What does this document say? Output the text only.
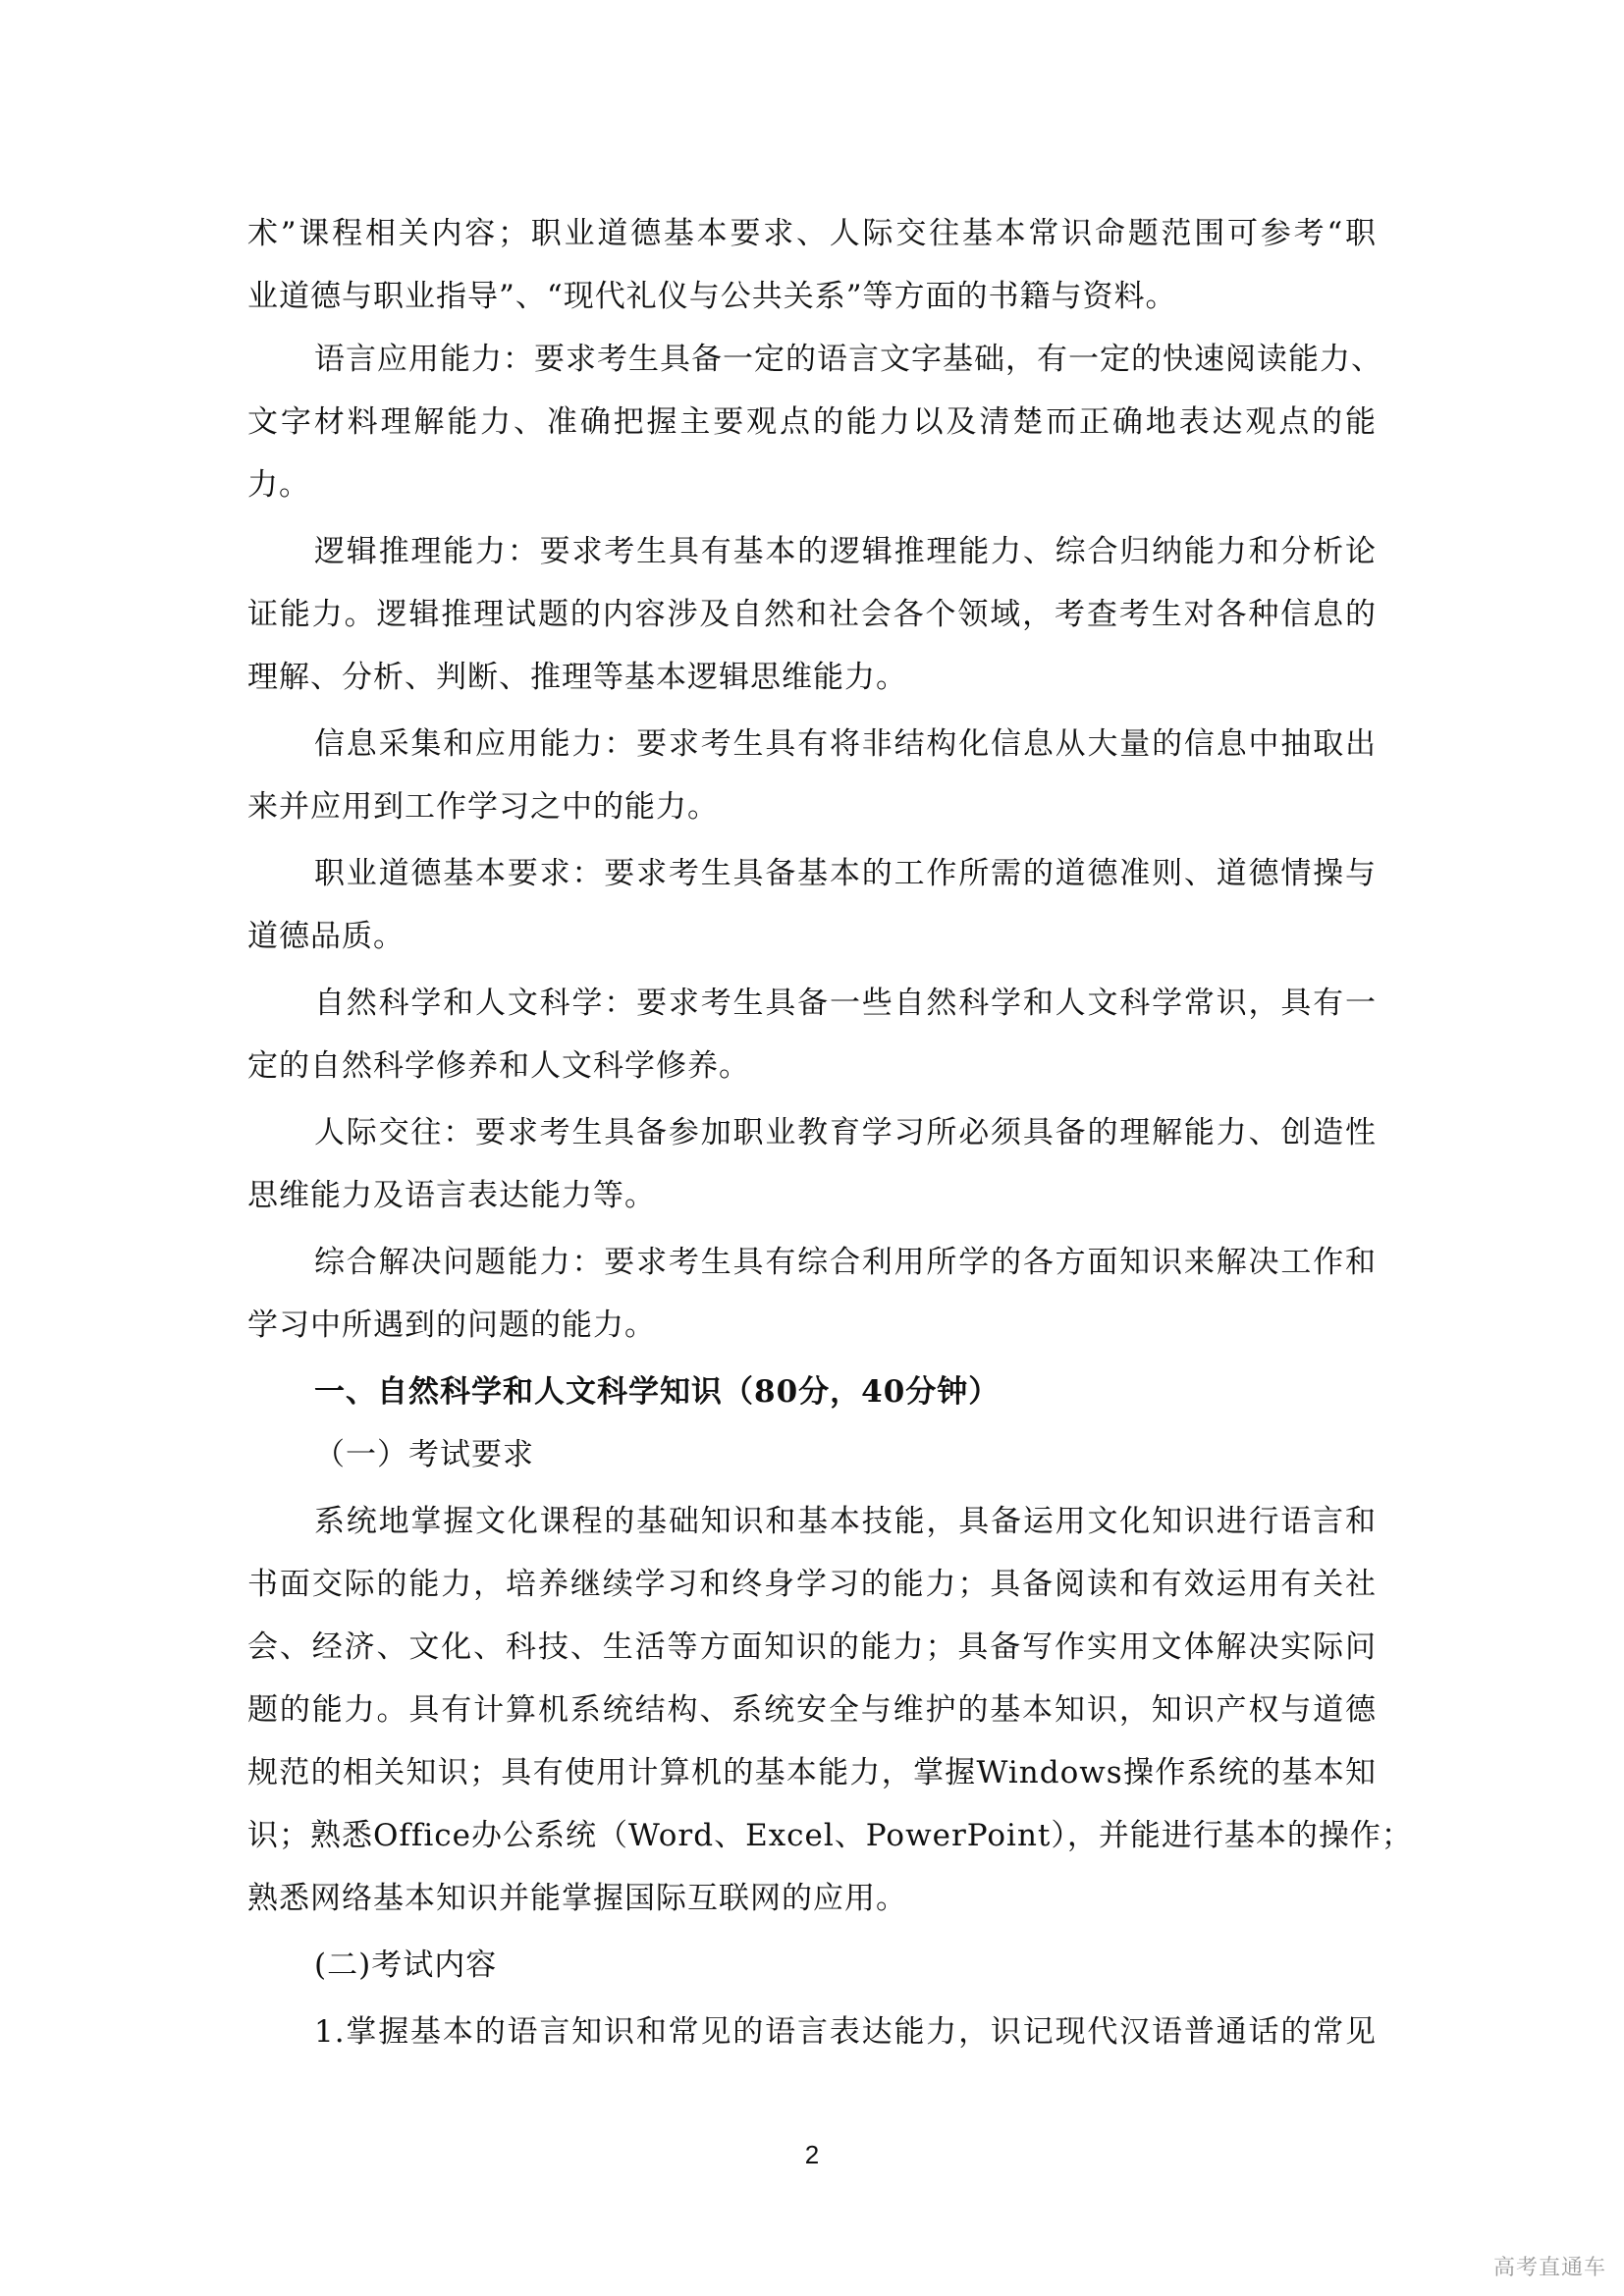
术”课程相关内容；职业道德基本要求、人际交往基本常识命题范围可参考“职
业道德与职业指导”、“现代礼仪与公共关系”等方面的书籍与资料。
语言应用能力：要求考生具备一定的语言文字基础，有一定的快速阅读能力、
文字材料理解能力、准确把握主要观点的能力以及清楚而正确地表达观点的能
力。
逻辑推理能力：要求考生具有基本的逻辑推理能力、综合归纳能力和分析论
证能力。逻辑推理试题的内容涉及自然和社会各个领域，考查考生对各种信息的
理解、分析、判断、推理等基本逻辑思维能力。
信息采集和应用能力：要求考生具有将非结构化信息从大量的信息中抽取出
来并应用到工作学习之中的能力。
职业道德基本要求：要求考生具备基本的工作所需的道德准则、道德情操与
道德品质。
自然科学和人文科学：要求考生具备一些自然科学和人文科学常识，具有一
定的自然科学修养和人文科学修养。
人际交往：要求考生具备参加职业教育学习所必须具备的理解能力、创造性
思维能力及语言表达能力等。
综合解决问题能力：要求考生具有综合利用所学的各方面知识来解决工作和
学习中所遇到的问题的能力。
一、自然科学和人文科学知识（80分，40分钟）
（一）考试要求
系统地掌握文化课程的基础知识和基本技能，具备运用文化知识进行语言和
书面交际的能力，培养继续学习和终身学习的能力；具备阅读和有效运用有关社
会、经济、文化、科技、生活等方面知识的能力；具备写作实用文体解决实际问
题的能力。具有计算机系统结构、系统安全与维护的基本知识，知识产权与道德
规范的相关知识；具有使用计算机的基本能力，掌握Windows操作系统的基本知
识；熟悉Office办公系统（Word、Excel、PowerPoint），并能进行基本的操作；
熟悉网络基本知识并能掌握国际互联网的应用。
(二)考试内容
1.掌握基本的语言知识和常见的语言表达能力，识记现代汉语普通话的常见
2
高考直通车
